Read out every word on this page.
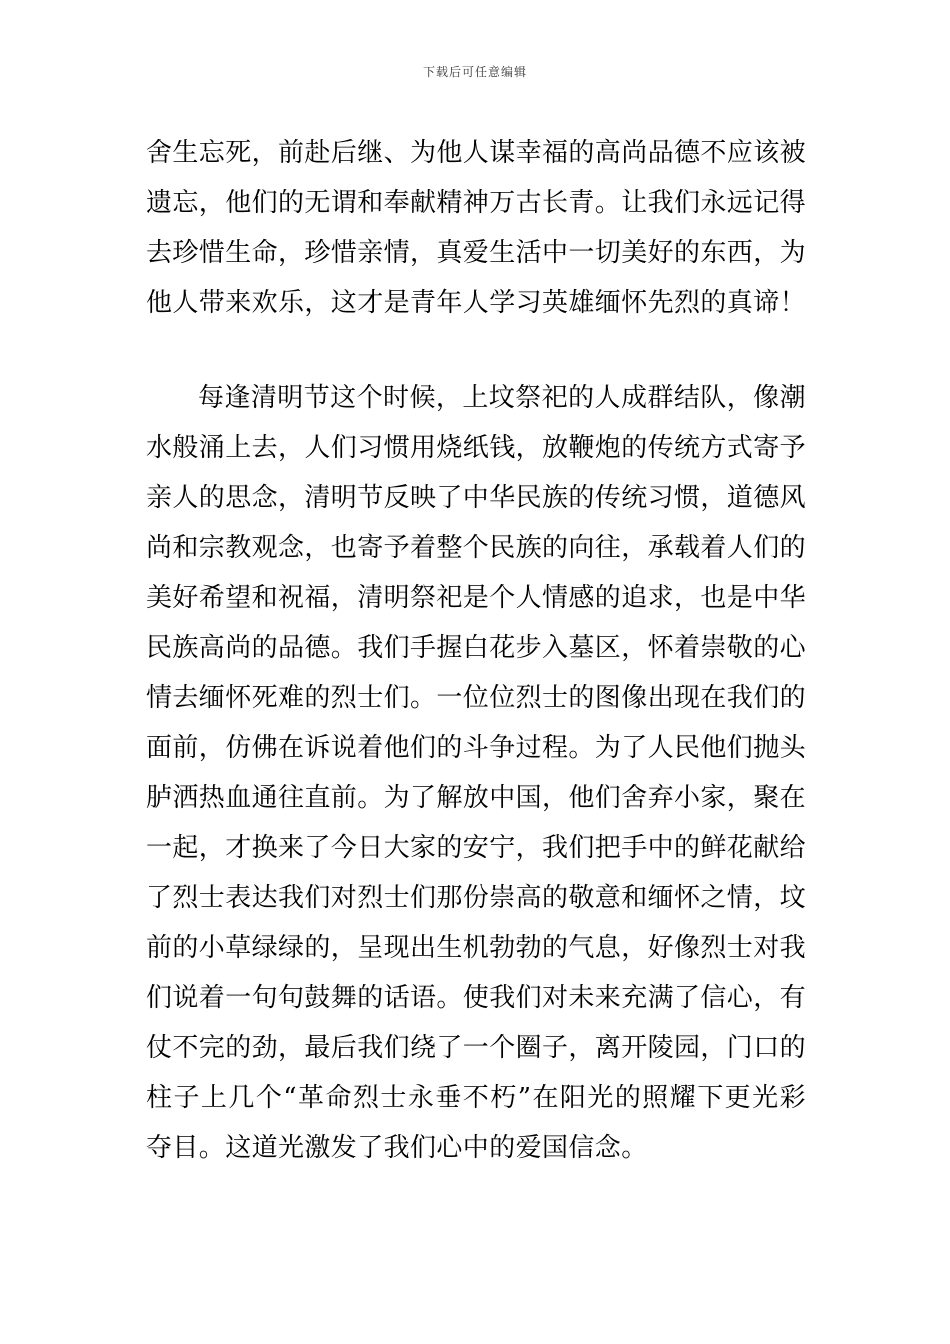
下载后可任意编辑

舍生忘死，前赴后继、为他人谋幸福的高尚品德不应该被遗忘，他们的无谓和奉献精神万古长青。让我们永远记得去珍惜生命，珍惜亲情，真爱生活中一切美好的东西，为他人带来欢乐，这才是青年人学习英雄缅怀先烈的真谛！

每逢清明节这个时候，上坟祭祀的人成群结队，像潮水般涌上去，人们习惯用烧纸钱，放鞭炮的传统方式寄予亲人的思念，清明节反映了中华民族的传统习惯，道德风尚和宗教观念，也寄予着整个民族的向往，承载着人们的美好希望和祝福，清明祭祀是个人情感的追求，也是中华民族高尚的品德。我们手握白花步入墓区，怀着崇敬的心情去缅怀死难的烈士们。一位位烈士的图像出现在我们的面前，仿佛在诉说着他们的斗争过程。为了人民他们抛头胪洒热血通往直前。为了解放中国，他们舍弃小家，聚在一起，才换来了今日大家的安宁，我们把手中的鲜花献给了烈士表达我们对烈士们那份崇高的敬意和缅怀之情，坟前的小草绿绿的，呈现出生机勃勃的气息，好像烈士对我们说着一句句鼓舞的话语。使我们对未来充满了信心，有仗不完的劲，最后我们绕了一个圈子，离开陵园，门口的柱子上几个“革命烈士永垂不朽”在阳光的照耀下更光彩夺目。这道光激发了我们心中的爱国信念。
